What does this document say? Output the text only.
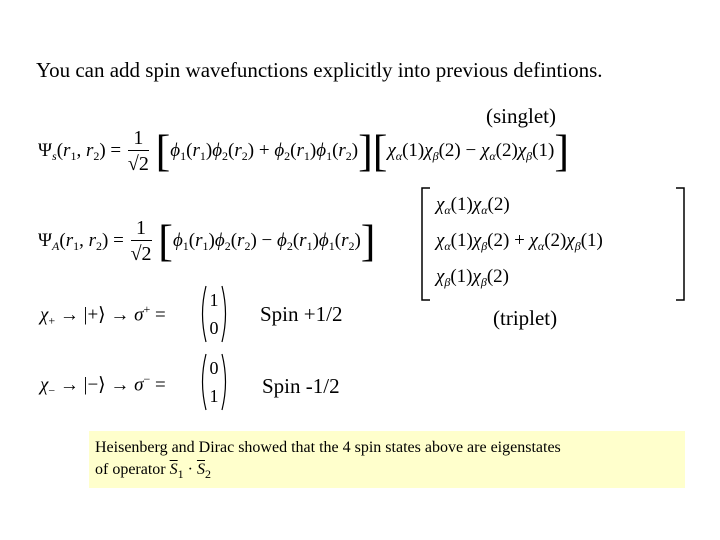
You can add spin wavefunctions explicitly into previous defintions.
(singlet)
$\Psi_s(r_1$, $r_2) = \frac{1}{√2} [\phi_1(r_1)\phi_2(r_2) + \phi_2(r_1)\phi_1(r_2)][\chi_\alpha(1)\chi_\beta(2) - \chi_\alpha(2)\chi_\beta(1)]$
$\Psi_A(r_1$, $r_2) = \frac{1}{√2} [\phi_1(r_1)\phi_2(r_2) - \phi_2(r_1)\phi_1(r_2)]$
$\chi_\alpha(1)\chi_\alpha(2)$
$\chi_\alpha(1)\chi_\beta(2) + \chi_\alpha(2)\chi_\beta(1)$
$\chi_\beta(1)\chi_\beta(2)$
$\chi_+$ → |+⟩ → σ+ =
1
0
Spin +1/2	(triplet)
$\chi_-$ → |−⟩ → σ− =
0
1 Spin -1/2
Heisenberg and Dirac showed that the 4 spin states above are eigenstates
of operator $\overline{S}_1 \cdot \overline{S}_2$
